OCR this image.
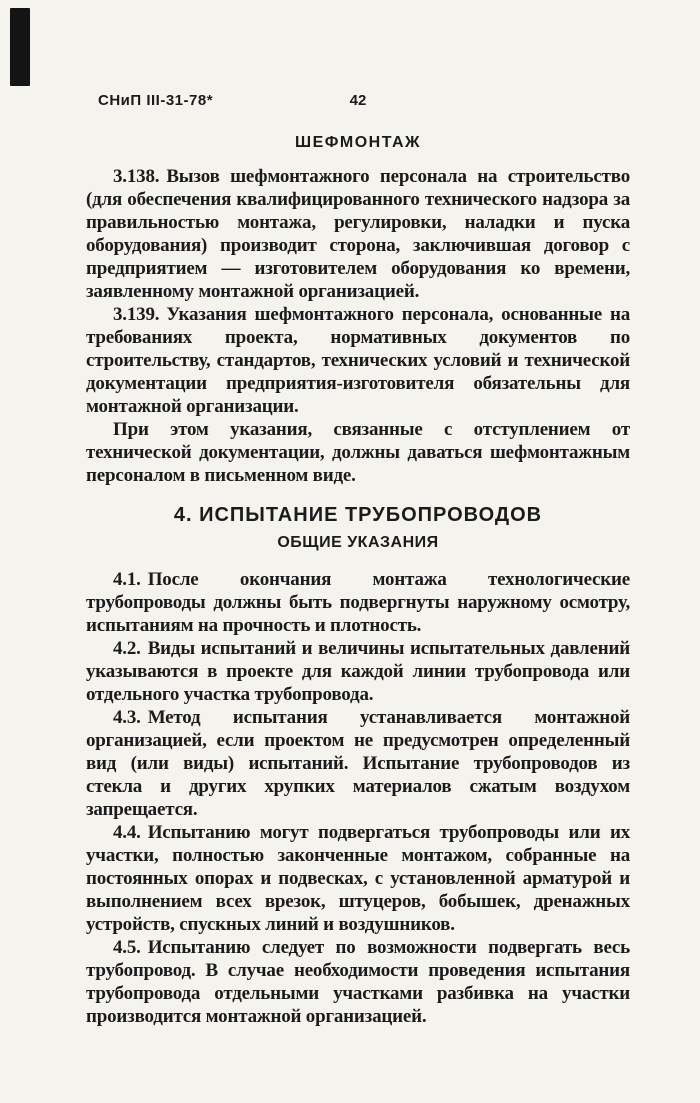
СНиП III-31-78*	42
ШЕФМОНТАЖ

3.138. Вызов шефмонтажного персонала на строительство (для обеспечения квалифицированного технического надзора за правильностью монтажа, регулировки, наладки и пуска оборудования) производит сторона, заключившая договор с предприятием — изготовителем оборудования ко времени, заявленному монтажной организацией.

3.139. Указания шефмонтажного персонала, основанные на требованиях проекта, нормативных документов по строительству, стандартов, технических условий и технической документации предприятия-изготовителя обязательны для монтажной организации.

При этом указания, связанные с отступлением от технической документации, должны даваться шефмонтажным персоналом в письменном виде.

4. ИСПЫТАНИЕ ТРУБОПРОВОДОВ
ОБЩИЕ УКАЗАНИЯ

4.1. После окончания монтажа технологические трубопроводы должны быть подвергнуты наружному осмотру, испытаниям на прочность и плотность.

4.2. Виды испытаний и величины испытательных давлений указываются в проекте для каждой линии трубопровода или отдельного участка трубопровода.

4.3. Метод испытания устанавливается монтажной организацией, если проектом не предусмотрен определенный вид (или виды) испытаний. Испытание трубопроводов из стекла и других хрупких материалов сжатым воздухом запрещается.

4.4. Испытанию могут подвергаться трубопроводы или их участки, полностью законченные монтажом, собранные на постоянных опорах и подвесках, с установленной арматурой и выполнением всех врезок, штуцеров, бобышек, дренажных устройств, спускных линий и воздушников.

4.5. Испытанию следует по возможности подвергать весь трубопровод. В случае необходимости проведения испытания трубопровода отдельными участками разбивка на участки производится монтажной организацией.
